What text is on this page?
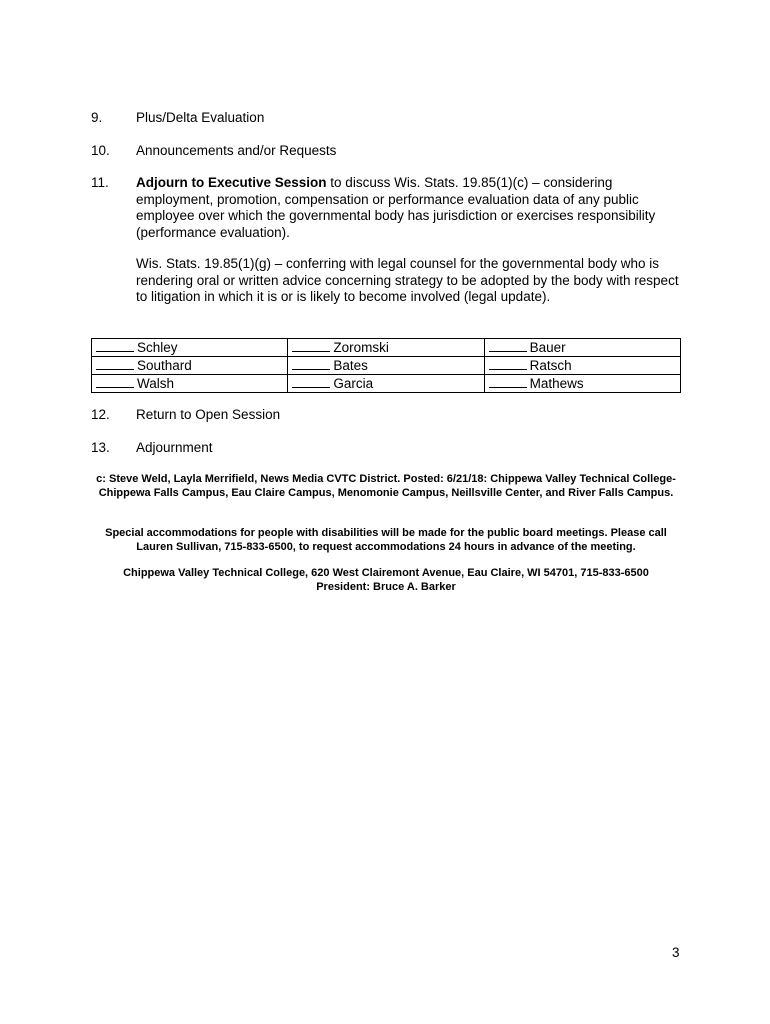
9. Plus/Delta Evaluation
10. Announcements and/or Requests
11. Adjourn to Executive Session to discuss Wis. Stats. 19.85(1)(c) – considering employment, promotion, compensation or performance evaluation data of any public employee over which the governmental body has jurisdiction or exercises responsibility (performance evaluation).
Wis. Stats. 19.85(1)(g) – conferring with legal counsel for the governmental body who is rendering oral or written advice concerning strategy to be adopted by the body with respect to litigation in which it is or is likely to become involved (legal update).
Schley	Zoromski	Bauer
Southard	Bates	Ratsch
Walsh	Garcia	Mathews
12. Return to Open Session
13. Adjournment
c: Steve Weld, Layla Merrifield, News Media CVTC District. Posted: 6/21/18: Chippewa Valley Technical College-Chippewa Falls Campus, Eau Claire Campus, Menomonie Campus, Neillsville Center, and River Falls Campus.
Special accommodations for people with disabilities will be made for the public board meetings. Please call Lauren Sullivan, 715-833-6500, to request accommodations 24 hours in advance of the meeting.
Chippewa Valley Technical College, 620 West Clairemont Avenue, Eau Claire, WI 54701, 715-833-6500
President: Bruce A. Barker
3
